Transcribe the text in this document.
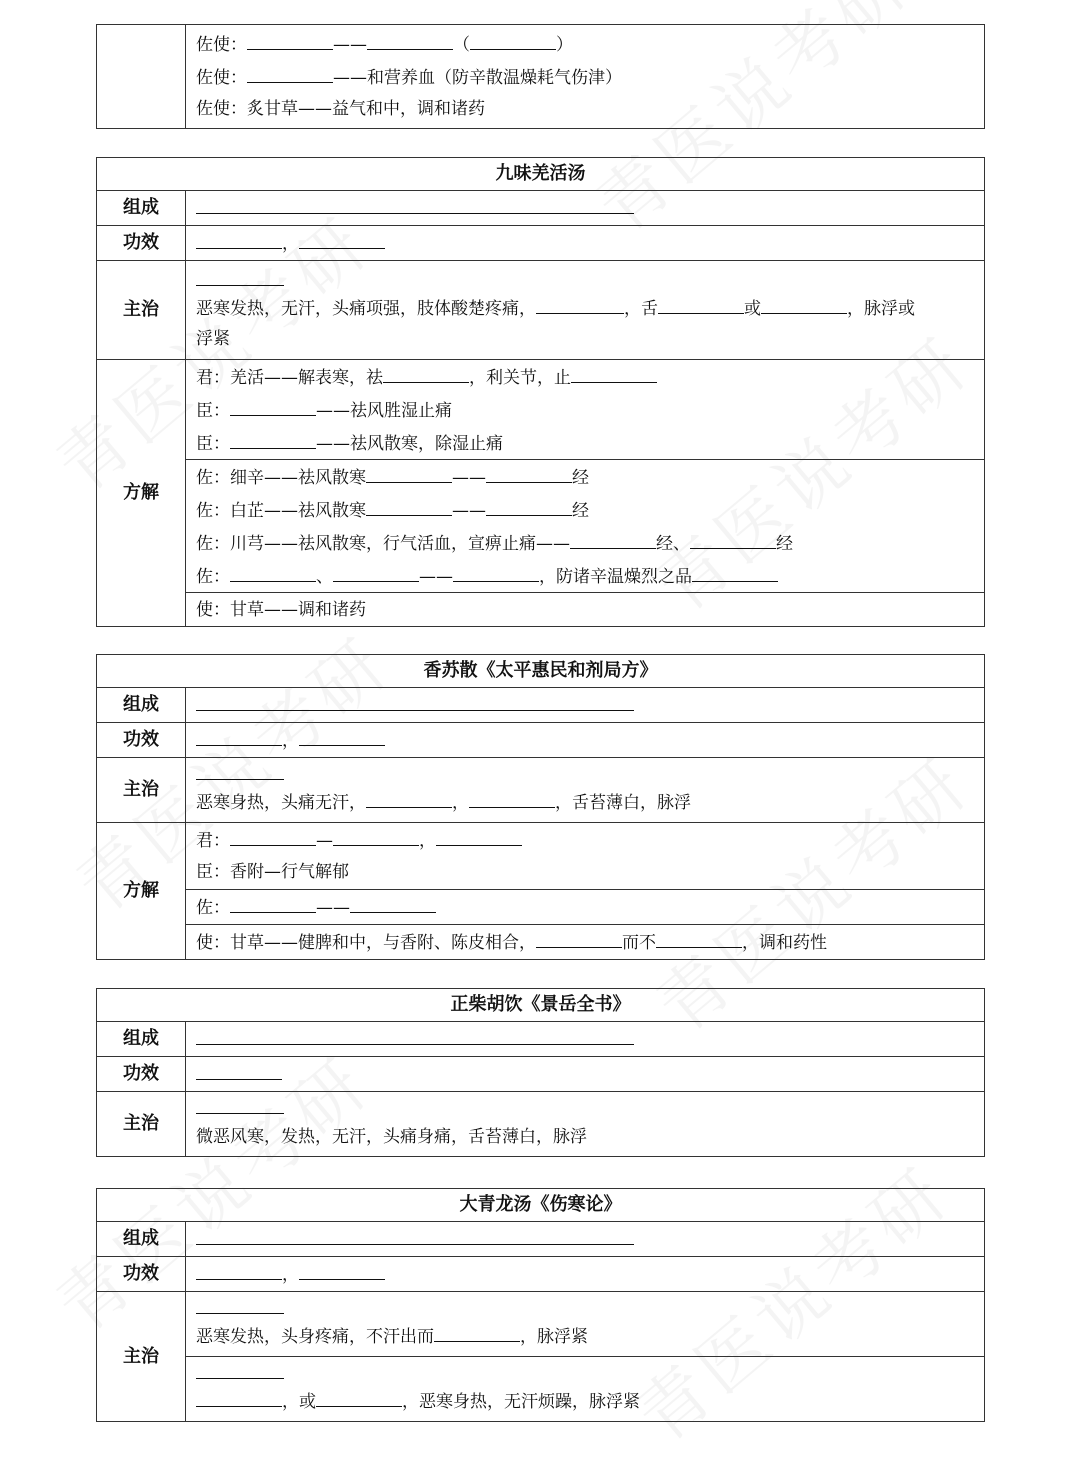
佐使：	——	（	）
佐使：	——和营养血（防辛散温燥耗气伤津）
佐使：炙甘草——益气和中，调和诸药
九味羌活汤	
组成	
功效	，
主治	恶寒发热，无汗，头痛项强，肢体酸楚疼痛， ，舌 或 ，脉浮或
浮紧

方解	君：羌活——解表寒，祛 ，利关节，止
臣： ——祛风胜湿止痛
臣： ——祛风散寒，除湿止痛

	佐：细辛——祛风散寒 —— 经
佐：白芷——祛风散寒 —— 经
佐：川芎——祛风散寒，行气活血，宣痹止痛—— 经、 经
佐： 、 —— ，防诸辛温燥烈之品

	使：甘草——调和诸药
香苏散《太平惠民和剂局方》	
组成	
功效	，
主治	恶寒身热，头痛无汗， ， ，舌苔薄白，脉浮

方解	君： — ，
臣：香附—行气解郁

	佐： ——
	使：甘草——健脾和中，与香附、陈皮相合， 而不 ，调和药性
正柴胡饮《景岳全书》	
组成	
功效	
主治	微恶风寒，发热，无汗，头痛身痛，舌苔薄白，脉浮
大青龙汤《伤寒论》	
组成	
功效	，
主治	恶寒发热，头身疼痛，不汗出而 ，脉浮紧

	，或 ，恶寒身热，无汗烦躁，脉浮紧
